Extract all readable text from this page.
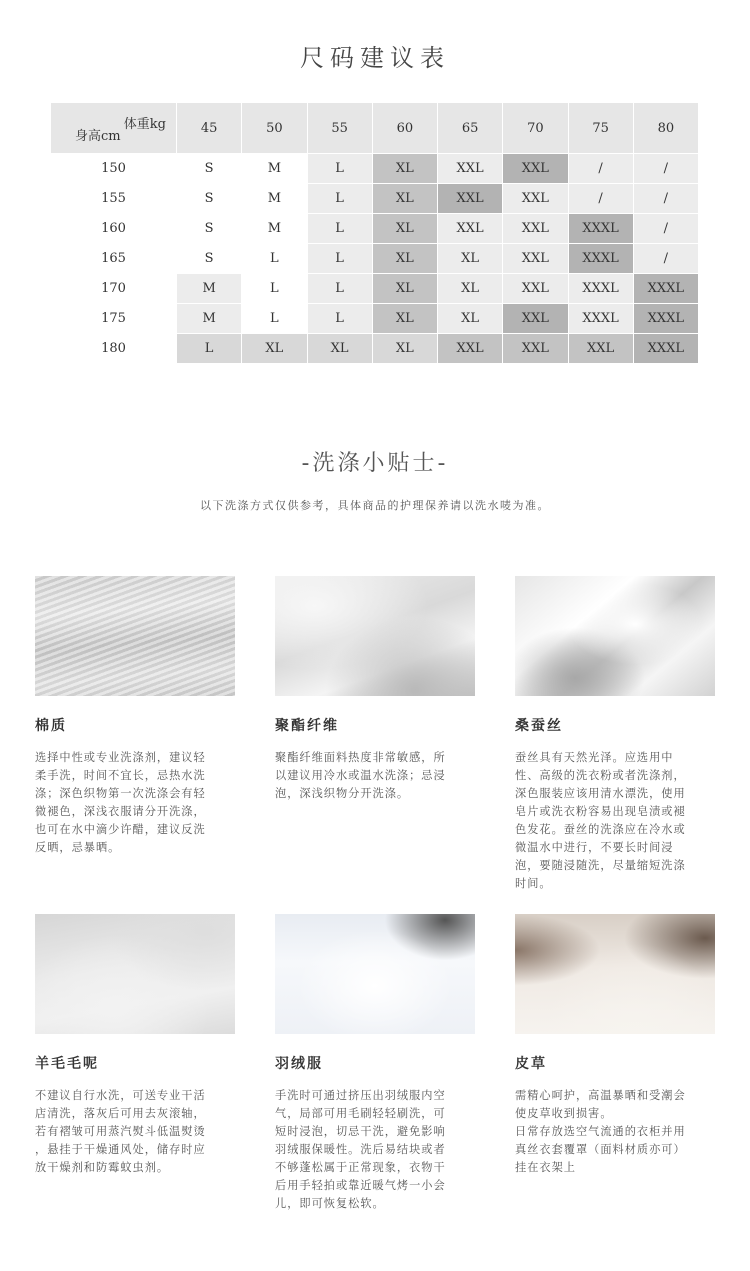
尺码建议表
体重kg
身高cm	45	50	55	60	65	70	75	80
150	S	M	L	XL	XXL	XXL	/	/
155	S	M	L	XL	XXL	XXL	/	/
160	S	M	L	XL	XXL	XXL	XXXL	/
165	S	L	L	XL	XL	XXL	XXXL	/
170	M	L	L	XL	XL	XXL	XXXL	XXXL
175	M	L	L	XL	XL	XXL	XXXL	XXXL
180	L	XL	XL	XL	XXL	XXL	XXL	XXXL
-洗涤小贴士-
以下洗涤方式仅供参考，具体商品的护理保养请以洗水唛为准。
棉质
选择中性或专业洗涤剂，建议轻
柔手洗，时间不宜长，忌热水洗
涤；深色织物第一次洗涤会有轻
微褪色，深浅衣服请分开洗涤，
也可在水中滴少许醋，建议反洗
反晒，忌暴晒。
聚酯纤维
聚酯纤维面料热度非常敏感，所
以建议用冷水或温水洗涤；忌浸
泡，深浅织物分开洗涤。
桑蚕丝
蚕丝具有天然光泽。应选用中
性、高级的洗衣粉或者洗涤剂，
深色服装应该用清水漂洗，使用
皂片或洗衣粉容易出现皂渍或褪
色发花。蚕丝的洗涤应在冷水或
微温水中进行，不要长时间浸
泡，要随浸随洗，尽量缩短洗涤
时间。
羊毛毛呢
不建议自行水洗，可送专业干活
店清洗，落灰后可用去灰滚轴，
若有褶皱可用蒸汽熨斗低温熨烫
，悬挂于干燥通风处，储存时应
放干燥剂和防霉蚊虫剂。
羽绒服
手洗时可通过挤压出羽绒服内空
气，局部可用毛刷轻轻刷洗，可
短时浸泡，切忌干洗，避免影响
羽绒服保暖性。洗后易结块或者
不够蓬松属于正常现象，衣物干
后用手轻拍或靠近暖气烤一小会
儿，即可恢复松软。
皮草
需精心呵护，高温暴晒和受潮会
使皮草收到损害。
日常存放选空气流通的衣柜并用
真丝衣套覆罩（面料材质亦可）
挂在衣架上
